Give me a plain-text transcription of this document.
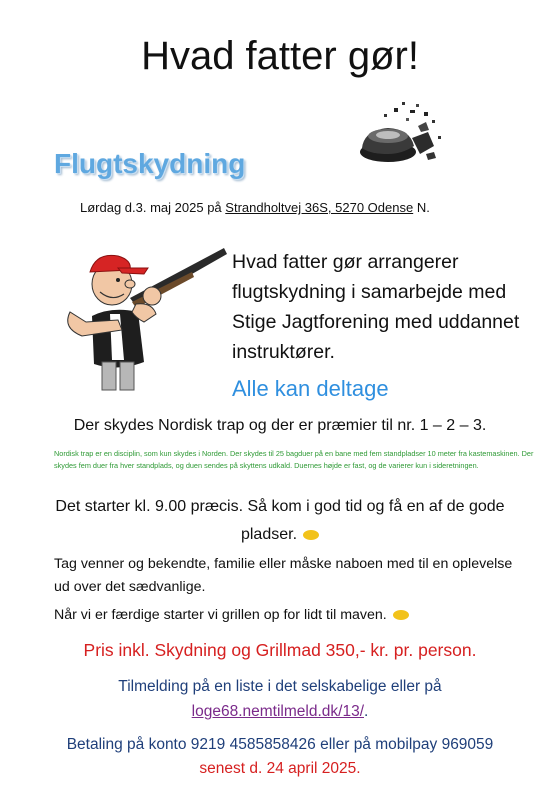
Hvad fatter gør!
Flugtskydning
Lørdag d.3. maj 2025 på Strandholtvej 36S, 5270 Odense N.
Hvad fatter gør arrangerer flugtskydning i samarbejde med Stige Jagtforening med uddannet instruktører.
Alle kan deltage
Der skydes Nordisk trap og der er præmier til nr. 1 – 2 – 3.
Nordisk trap er en disciplin, som kun skydes i Norden. Der skydes til 25 bagduer på en bane med fem standpladser 10 meter fra kastemaskinen. Der skydes fem duer fra hver standplads, og duen sendes på skyttens udkald. Duernes højde er fast, og de varierer kun i sideretningen.
Det starter kl. 9.00 præcis. Så kom i god tid og få en af de gode pladser.
Tag venner og bekendte, familie eller måske naboen med til en oplevelse ud over det sædvanlige.
Når vi er færdige starter vi grillen op for lidt til maven.
Pris inkl. Skydning og Grillmad 350,- kr. pr. person.
Tilmelding på en liste i det selskabelige eller på
loge68.nemtilmeld.dk/13/.
Betaling på konto 9219 4585858426 eller på mobilpay 969059
senest d. 24 april 2025.
